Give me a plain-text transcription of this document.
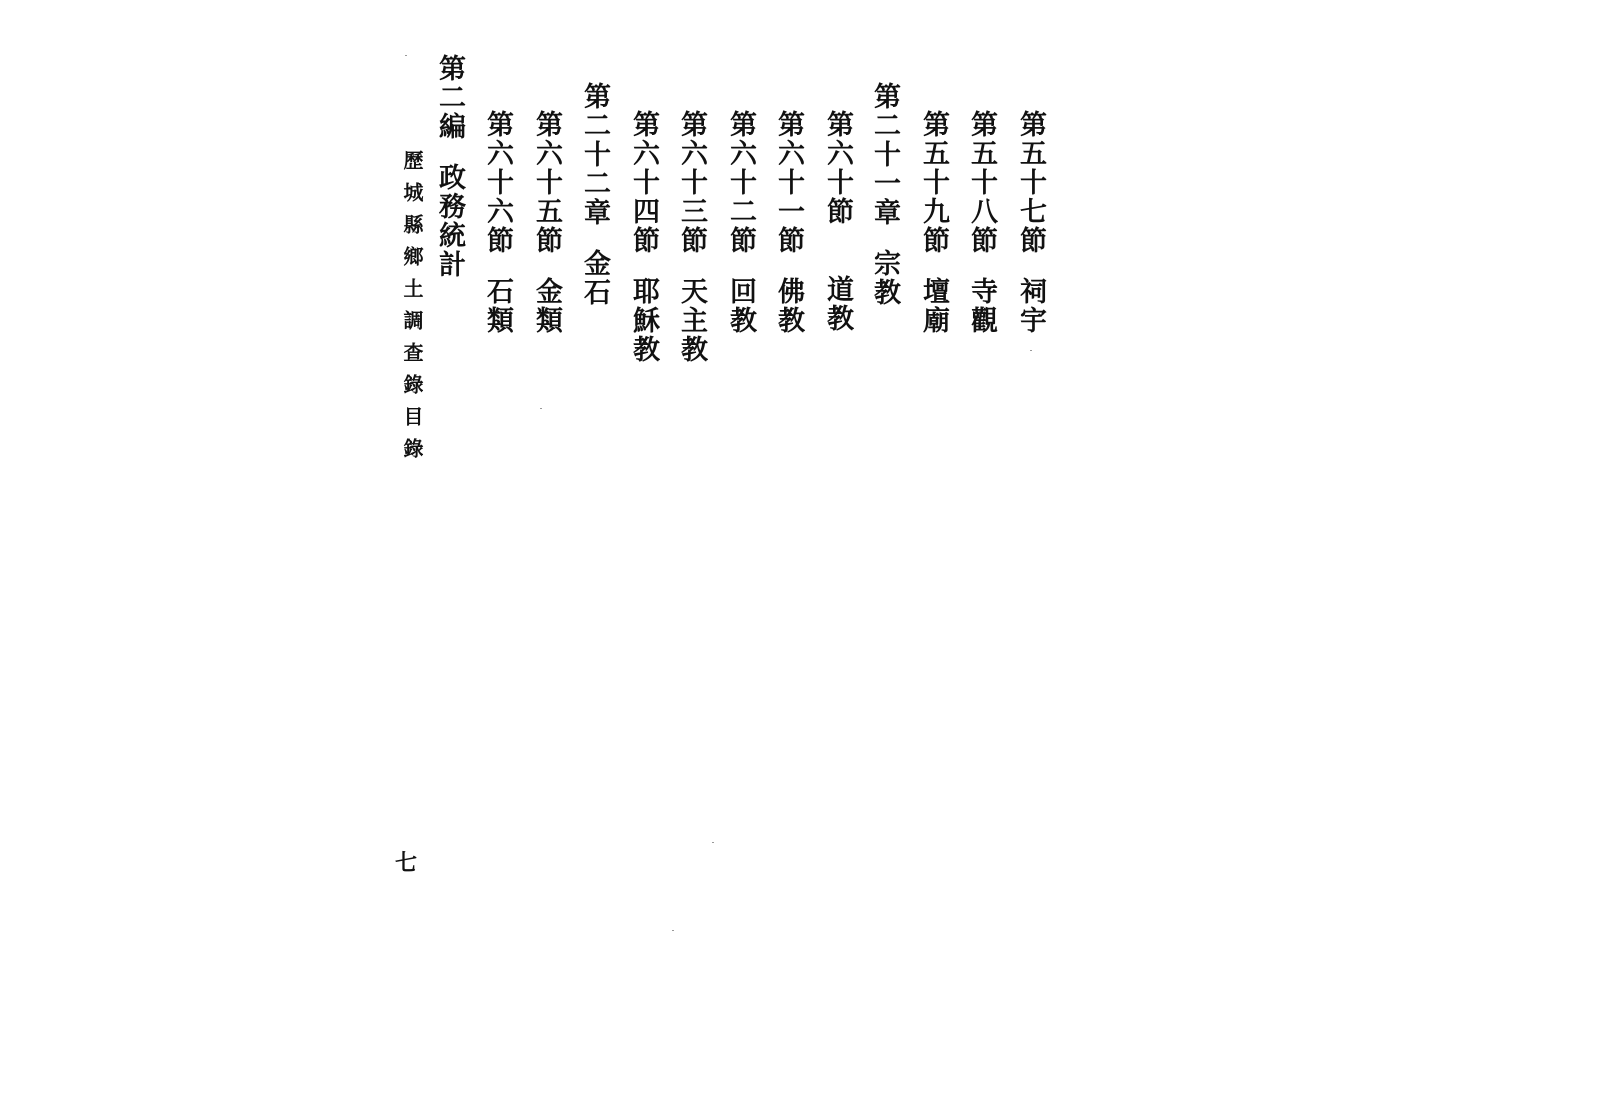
第五十七節祠宇
第五十八節寺觀
第五十九節壇廟
第二十一章宗教
第六十節道教
第六十一節佛教
第六十二節回教
第六十三節天主教
第六十四節耶穌教
第二十二章金石
第六十五節金類
第六十六節石類
第二編政務統計
歷城縣鄉土調查錄目錄
七
